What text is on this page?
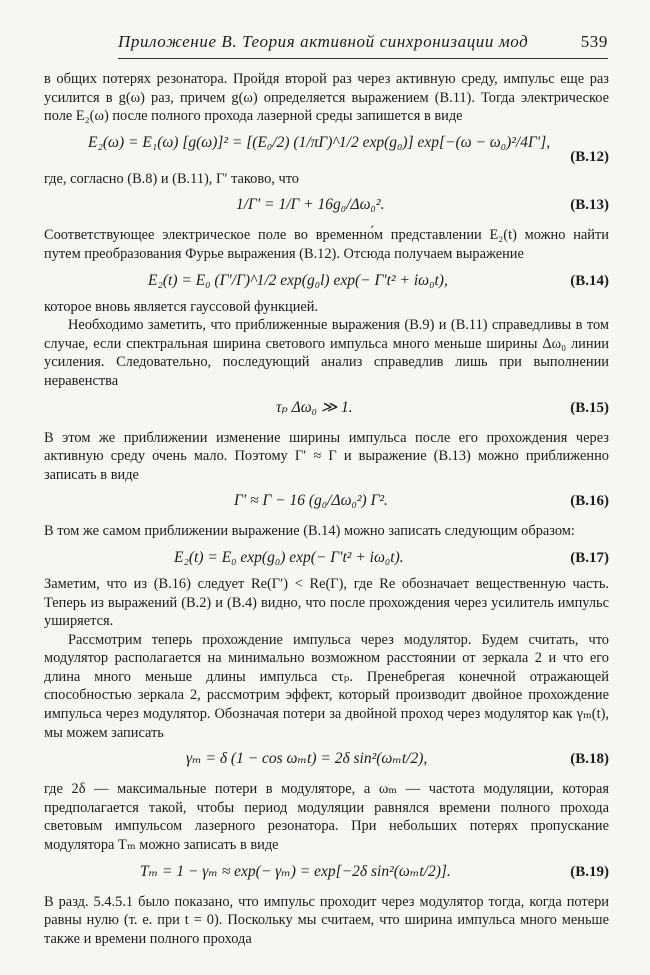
Приложение B. Теория активной синхронизации мод	539

в общих потерях резонатора. Пройдя второй раз через активную среду, импульс еще раз усилится в g(ω) раз, причем g(ω) определяется выражением (B.11). Тогда электрическое поле E₂(ω) после полного прохода лазерной среды запишется в виде

E₂(ω) = E₁(ω) [g(ω)]² = [(E₀/2) (1/πΓ)^1/2 exp(g₀)] exp[−(ω − ω₀)²/4Γ′],
(B.12)

где, согласно (B.8) и (B.11), Γ′ таково, что

1/Γ′ = 1/Γ + 16g₀/Δω₀².	(B.13)

Соответствующее электрическое поле во временно́м представлении E₂(t) можно найти путем преобразования Фурье выражения (B.12). Отсюда получаем выражение

E₂(t) = E₀ (Γ′/Γ)^1/2 exp(g₀l) exp(− Γ′t² + iω₀t),	(B.14)

которое вновь является гауссовой функцией.

Необходимо заметить, что приближенные выражения (B.9) и (B.11) справедливы в том случае, если спектральная ширина светового импульса много меньше ширины Δω₀ линии усиления. Следовательно, последующий анализ справедлив лишь при выполнении неравенства

τₚ Δω₀ ≫ 1.	(B.15)

В этом же приближении изменение ширины импульса после его прохождения через активную среду очень мало. Поэтому Γ′ ≈ Γ и выражение (B.13) можно приближенно записать в виде

Γ′ ≈ Γ − 16 (g₀/Δω₀²) Γ².	(B.16)

В том же самом приближении выражение (B.14) можно записать следующим образом:

E₂(t) = E₀ exp(g₀) exp(− Γ′t² + iω₀t).	(B.17)

Заметим, что из (B.16) следует Re(Γ′) < Re(Γ), где Re обозначает вещественную часть. Теперь из выражений (B.2) и (B.4) видно, что после прохождения через усилитель импульс уширяется.

Рассмотрим теперь прохождение импульса через модулятор. Будем считать, что модулятор располагается на минимально возможном расстоянии от зеркала 2 и что его длина много меньше длины импульса cτₚ. Пренебрегая конечной отражающей способностью зеркала 2, рассмотрим эффект, который производит двойное прохождение импульса через модулятор. Обозначая потери за двойной проход через модулятор как γₘ(t), мы можем записать

γₘ = δ (1 − cos ωₘt) = 2δ sin²(ωₘt/2),	(B.18)

где 2δ — максимальные потери в модуляторе, а ωₘ — частота модуляции, которая предполагается такой, чтобы период модуляции равнялся времени полного прохода световым импульсом лазерного резонатора. При небольших потерях пропускание модулятора Tₘ можно записать в виде

Tₘ = 1 − γₘ ≈ exp(− γₘ) = exp[−2δ sin²(ωₘt/2)].	(B.19)

В разд. 5.4.5.1 было показано, что импульс проходит через модулятор тогда, когда потери равны нулю (т. е. при t = 0). Поскольку мы считаем, что ширина импульса много меньше также и времени полного прохода
